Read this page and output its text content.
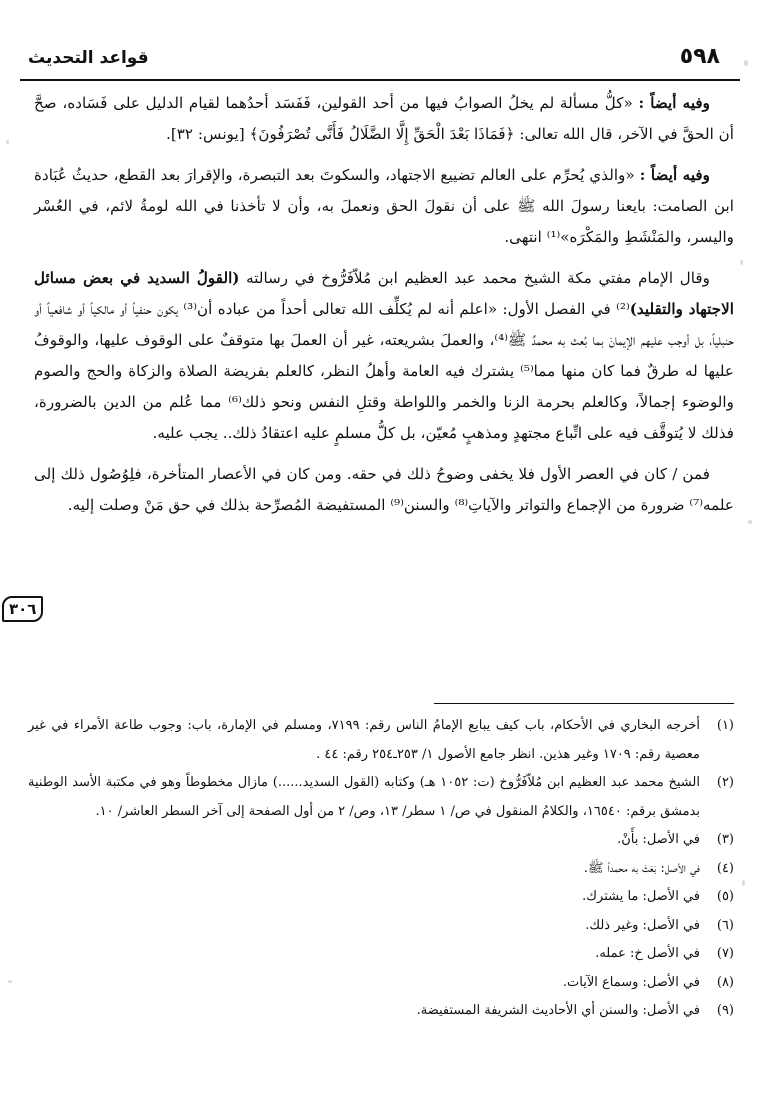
٥٩٨
قواعد التحديث
٣٠٦

وفيه أيضاً : «كلُّ مسألة لم يخلُ الصوابُ فيها من أحد القولين، فَفَسَد أحدُهما لقيام الدليل على فَسَاده، صحَّ أن الحقَّ في الآخر، قال الله تعالى: ﴿فَمَاذَا بَعْدَ الْحَقِّ إِلَّا الضَّلَالُ فَأَنَّى تُصْرَفُونَ﴾ [يونس: ٣٢].

وفيه أيضاً : «والذي يُحرِّم على العالم تضييع الاجتهاد، والسكوتَ بعد التبصرة، والإقرارَ بعد القطع، حديثُ عُبَادة ابن الصامت: بايعنا رسولَ الله ﷺ على أن نقولَ الحق ونعملَ به، وأن لا تأخذنا في الله لومةُ لائم، في العُسْر واليسر، والمَنْشَطِ والمَكْرَه»⁽¹⁾ انتهى.

وقال الإمام مفتي مكة الشيخ محمد عبد العظيم ابن مُلاّفَرُّوخ في رسالته (القولُ السديد في بعض مسائل الاجتهاد والتقليد)⁽²⁾ في الفصل الأول: «اعلم أنه لم يُكلِّف الله تعالى أحداً من عباده أن⁽³⁾ يكون حنفياً أو مالكياً أو شافعياً أو حنبلياً، بل أوجب عليهم الإيمانَ بما بُعث به محمدٌ ﷺ⁽⁴⁾، والعملَ بشريعته، غير أن العملَ بها متوقفٌ على الوقوف عليها، والوقوفُ عليها له طرقٌ فما كان منها مما⁽⁵⁾ يشترك فيه العامة وأهلُ النظر، كالعلم بفريضة الصلاة والزكاة والحج والصوم والوضوء إجمالاً، وكالعلم بحرمة الزنا والخمر واللواطة وقتلِ النفس ونحو ذلك⁽⁶⁾ مما عُلم من الدين بالضرورة، فذلك لا يُتوقَّف فيه على اتِّباع مجتهدٍ ومذهبٍ مُعيّن، بل كلُّ مسلمٍ عليه اعتقادُ ذلك.. يجب عليه.

فمن / كان في العصر الأول فلا يخفى وضوحُ ذلك في حقه. ومن كان في الأعصار المتأخرة، فلِوُصُول ذلك إلى علمه⁽⁷⁾ ضرورة من الإجماع والتواتر والآياتِ⁽⁸⁾ والسنن⁽⁹⁾ المستفيضة المُصرِّحة بذلك في حق مَنْ وصلت إليه.

(١)
أخرجه البخاري في الأحكام، باب كيف يبايع الإمامُ الناس رقم: ٧١٩٩، ومسلم في الإمارة، باب: وجوب طاعة الأمراء في غير معصية رقم: ١٧٠٩ وغير هذين. انظر جامع الأصول ١/ ٢٥٣ـ٢٥٤ رقم: ٤٤ .
(٢)
الشيخ محمد عبد العظيم ابن مُلاّفَرُّوخ (ت: ١٠٥٢ هـ) وكتابه (القول السديد......) مازال مخطوطاً وهو في مكتبة الأسد الوطنية بدمشق برقم: ١٦٥٤٠، والكلامُ المنقول في ص/ ١ سطر/ ١٣، وص/ ٢ من أول الصفحة إلى آخر السطر العاشر/ ١٠.
(٣)
في الأصل: بأَنْ.
(٤)
في الأصل: بَعَثَ به محمداً ﷺ.
(٥)
في الأصل: ما يشترك.
(٦)
في الأصل: وغير ذلك.
(٧)
في الأصل خ: عمله.
(٨)
في الأصل: وسماع الآيات.
(٩)
في الأصل: والسنن أي الأحاديث الشريفة المستفيضة.
